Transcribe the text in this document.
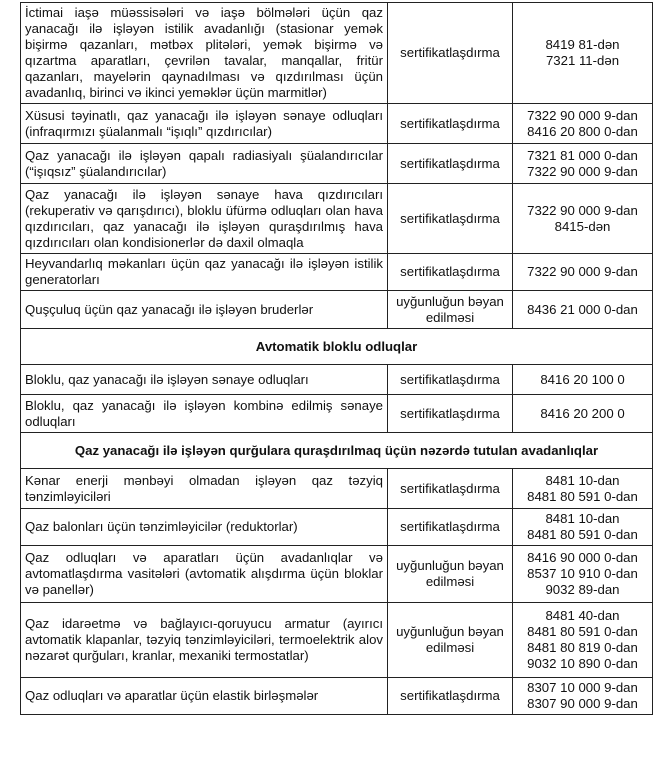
İctimai iaşə müəssisələri və iaşə bölmələri üçün qaz yanacağı ilə işləyən istilik avadanlığı (stasionar yemək bişirmə qazanları, mətbəx plitələri, yemək bişirmə və qızartma aparatları, çevrilən tavalar, manqallar, fritür qazanları, mayelərin qaynadılması və qızdırılması üçün avadanlıq, birinci və ikinci yeməklər üçün marmitlər)	sertifikatlaşdırma	8419 81-dən
7321 11-dən

Xüsusi təyinatlı, qaz yanacağı ilə işləyən sənaye odluqları (infraqırmızı şüalanmalı “işıqlı” qızdırıcılar)	sertifikatlaşdırma	7322 90 000 9-dan
8416 20 800 0-dan

Qaz yanacağı ilə işləyən qapalı radiasiyalı şüalandırıcılar (“işıqsız” şüalandırıcılar)	sertifikatlaşdırma	7321 81 000 0-dan
7322 90 000 9-dan

Qaz yanacağı ilə işləyən sənaye hava qızdırıcıları (rekuperativ və qarışdırıcı), bloklu üfürmə odluqları olan hava qızdırıcıları, qaz yanacağı ilə işləyən quraşdırılmış hava qızdırıcıları olan kondisionerlər də daxil olmaqla	sertifikatlaşdırma	7322 90 000 9-dan
8415-dən

Heyvandarlıq məkanları üçün qaz yanacağı ilə işləyən istilik generatorları	sertifikatlaşdırma	7322 90 000 9-dan

Quşçuluq üçün qaz yanacağı ilə işləyən bruderlər	uyğunluğun bəyan edilməsi	8436 21 000 0-dan

Avtomatik bloklu odluqlar		
Bloklu, qaz yanacağı ilə işləyən sənaye odluqları	sertifikatlaşdırma	8416 20 100 0

Bloklu, qaz yanacağı ilə işləyən kombinə edilmiş sənaye odluqları	sertifikatlaşdırma	8416 20 200 0

Qaz yanacağı ilə işləyən qurğulara quraşdırılmaq üçün nəzərdə tutulan avadanlıqlar		
Kənar enerji mənbəyi olmadan işləyən qaz təzyiq tənzimləyiciləri	sertifikatlaşdırma	8481 10-dan
8481 80 591 0-dan

Qaz balonları üçün tənzimləyicilər (reduktorlar)	sertifikatlaşdırma	8481 10-dan
8481 80 591 0-dan

Qaz odluqları və aparatları üçün avadanlıqlar və avtomatlaşdırma vasitələri (avtomatik alışdırma üçün bloklar və panellər)	uyğunluğun bəyan edilməsi	8416 90 000 0-dan
8537 10 910 0-dan
9032 89-dan

Qaz idarəetmə və bağlayıcı-qoruyucu armatur (ayırıcı avtomatik klapanlar, təzyiq tənzimləyiciləri, termoelektrik alov nəzarət qurğuları, kranlar, mexaniki termostatlar)	uyğunluğun bəyan edilməsi	8481 40-dan
8481 80 591 0-dan
8481 80 819 0-dan
9032 10 890 0-dan

Qaz odluqları və aparatlar üçün elastik birləşmələr	sertifikatlaşdırma	8307 10 000 9-dan
8307 90 000 9-dan
